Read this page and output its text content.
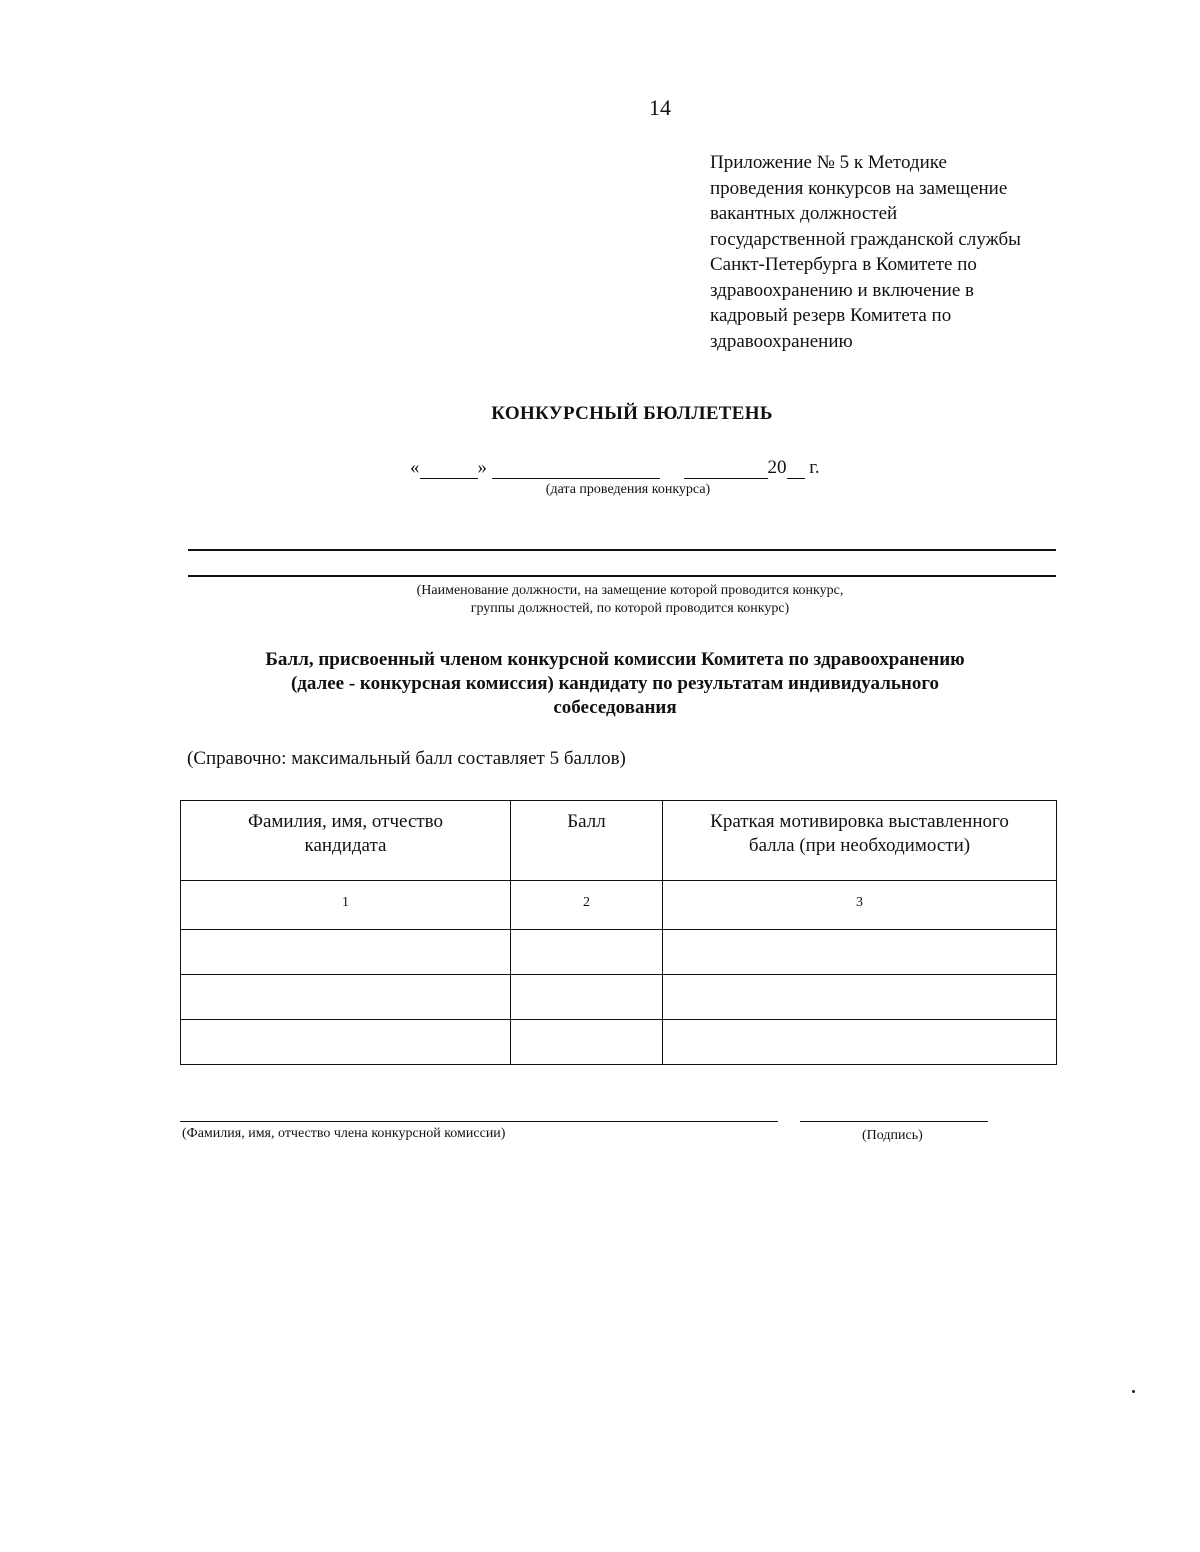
14
Приложение № 5 к Методике
проведения конкурсов на замещение
вакантных должностей
государственной гражданской службы
Санкт-Петербурга в Комитете по
здравоохранению и включение в
кадровый резерв Комитета по
здравоохранению
КОНКУРСНЫЙ БЮЛЛЕТЕНЬ
«	»	20 г.
(дата проведения конкурса)
(Наименование должности, на замещение которой проводится конкурс,
группы должностей, по которой проводится конкурс)
Балл, присвоенный членом конкурсной комиссии Комитета по здравоохранению
(далее - конкурсная комиссия) кандидату по результатам индивидуального
собеседования
(Справочно: максимальный балл составляет 5 баллов)
Фамилия, имя, отчество
кандидата	Балл	Краткая мотивировка выставленного
балла (при необходимости)
1	2	3

(Фамилия, имя, отчество члена конкурсной комиссии)	(Подпись)
